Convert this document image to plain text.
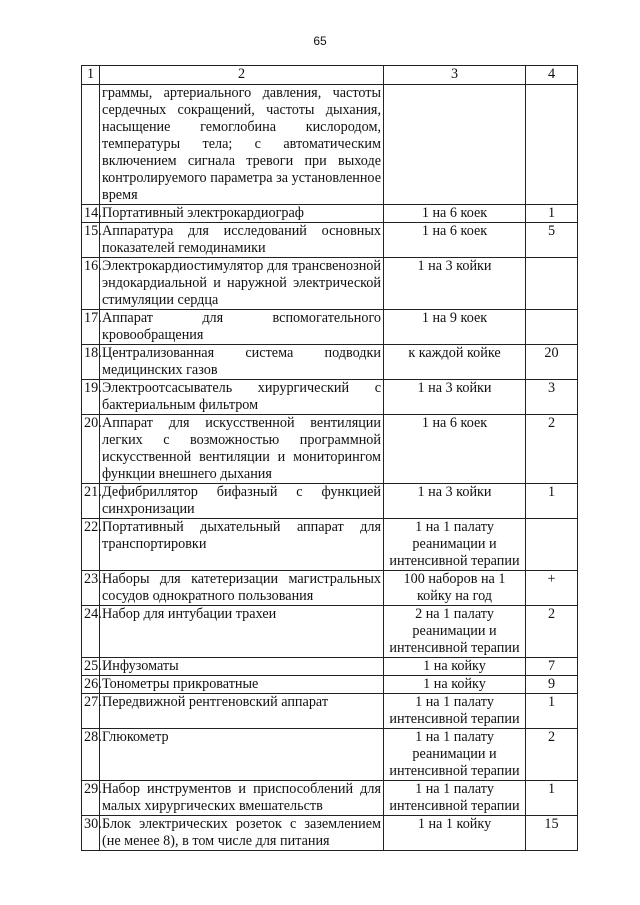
65
1	2	3	4
	граммы, артериального давления, частоты сердечных сокращений, частоты дыхания, насыщение гемоглобина кислородом, температуры тела; с автоматическим включением сигнала тревоги при выходе контролируемого параметра за установленное время		
14.	Портативный электрокардиограф	1 на 6 коек	1
15.	Аппаратура для исследований основных показателей гемодинамики	1 на 6 коек	5
16.	Электрокардиостимулятор для трансвенозной эндокардиальной и наружной электрической стимуляции сердца	1 на 3 койки	
17.	Аппарат для вспомогательного кровообращения	1 на 9 коек	
18.	Централизованная система подводки медицинских газов	к каждой койке	20
19.	Электроотсасыватель хирургический с бактериальным фильтром	1 на 3 койки	3
20.	Аппарат для искусственной вентиляции легких с возможностью программной искусственной вентиляции и мониторингом функции внешнего дыхания	1 на 6 коек	2
21.	Дефибриллятор бифазный с функцией синхронизации	1 на 3 койки	1
22.	Портативный дыхательный аппарат для транспортировки	1 на 1 палату реанимации и интенсивной терапии	
23.	Наборы для катетеризации магистральных сосудов однократного пользования	100 наборов на 1 койку на год	+
24.	Набор для интубации трахеи	2 на 1 палату реанимации и интенсивной терапии	2
25.	Инфузоматы	1 на койку	7
26.	Тонометры прикроватные	1 на койку	9
27.	Передвижной рентгеновский аппарат	1 на 1 палату интенсивной терапии	1
28.	Глюкометр	1 на 1 палату реанимации и интенсивной терапии	2
29.	Набор инструментов и приспособлений для малых хирургических вмешательств	1 на 1 палату интенсивной терапии	1
30.	Блок электрических розеток с заземлением (не менее 8), в том числе для питания	1 на 1 койку	15
